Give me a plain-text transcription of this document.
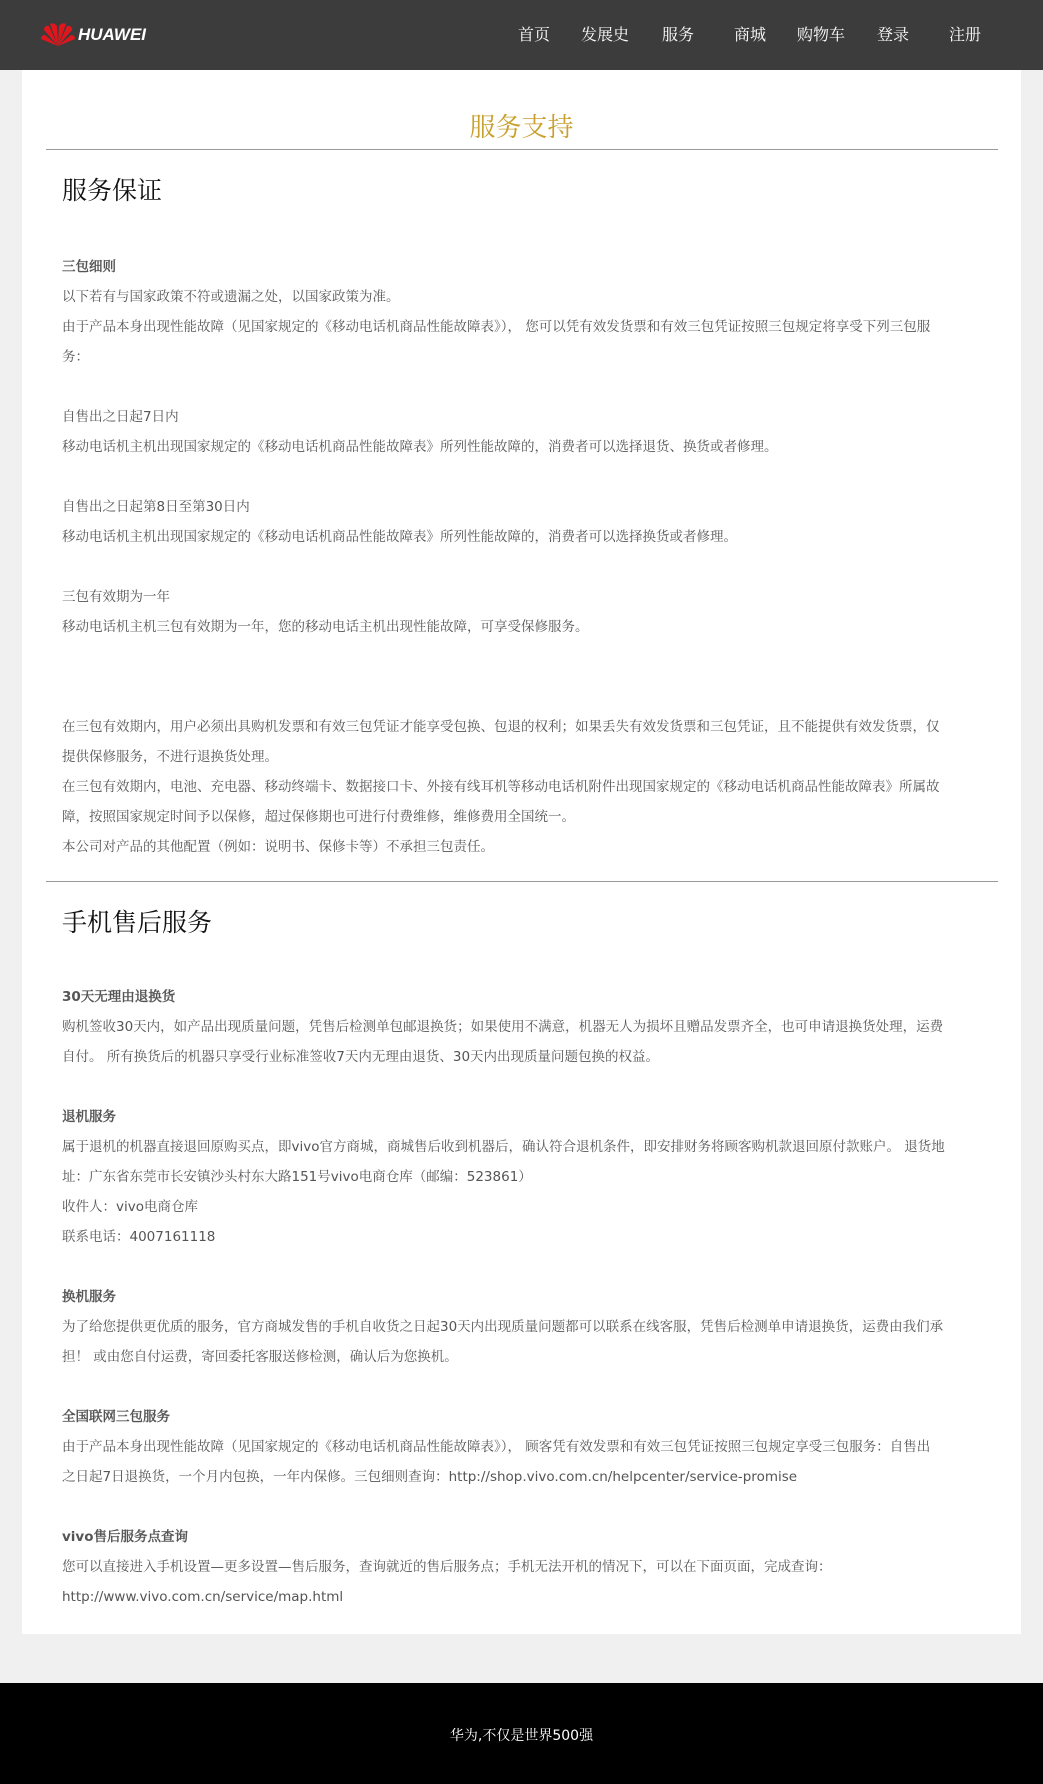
HUAWEI	首页 发展史 服务 商城 购物车 登录 注册
服务支持
服务保证
三包细则
以下若有与国家政策不符或遗漏之处，以国家政策为准。
由于产品本身出现性能故障（见国家规定的《移动电话机商品性能故障表》）， 您可以凭有效发货票和有效三包凭证按照三包规定将享受下列三包服
务：
自售出之日起7日内
移动电话机主机出现国家规定的《移动电话机商品性能故障表》所列性能故障的，消费者可以选择退货、换货或者修理。
自售出之日起第8日至第30日内
移动电话机主机出现国家规定的《移动电话机商品性能故障表》所列性能故障的，消费者可以选择换货或者修理。
三包有效期为一年
移动电话机主机三包有效期为一年，您的移动电话主机出现性能故障，可享受保修服务。
在三包有效期内，用户必须出具购机发票和有效三包凭证才能享受包换、包退的权利；如果丢失有效发货票和三包凭证，且不能提供有效发货票，仅
提供保修服务，不进行退换货处理。
在三包有效期内，电池、充电器、移动终端卡、数据接口卡、外接有线耳机等移动电话机附件出现国家规定的《移动电话机商品性能故障表》所属故
障，按照国家规定时间予以保修，超过保修期也可进行付费维修，维修费用全国统一。
本公司对产品的其他配置（例如：说明书、保修卡等）不承担三包责任。
手机售后服务
30天无理由退换货
购机签收30天内，如产品出现质量问题，凭售后检测单包邮退换货；如果使用不满意，机器无人为损坏且赠品发票齐全，也可申请退换货处理，运费
自付。 所有换货后的机器只享受行业标准签收7天内无理由退货、30天内出现质量问题包换的权益。
退机服务
属于退机的机器直接退回原购买点，即vivo官方商城，商城售后收到机器后，确认符合退机条件，即安排财务将顾客购机款退回原付款账户。 退货地
址：广东省东莞市长安镇沙头村东大路151号vivo电商仓库（邮编：523861）
收件人：vivo电商仓库
联系电话：4007161118
换机服务
为了给您提供更优质的服务，官方商城发售的手机自收货之日起30天内出现质量问题都可以联系在线客服，凭售后检测单申请退换货，运费由我们承
担！ 或由您自付运费，寄回委托客服送修检测，确认后为您换机。
全国联网三包服务
由于产品本身出现性能故障（见国家规定的《移动电话机商品性能故障表》）， 顾客凭有效发票和有效三包凭证按照三包规定享受三包服务：自售出
之日起7日退换货，一个月内包换，一年内保修。三包细则查询：http://shop.vivo.com.cn/helpcenter/service-promise
vivo售后服务点查询
您可以直接进入手机设置—更多设置—售后服务，查询就近的售后服务点；手机无法开机的情况下，可以在下面页面，完成查询：
http://www.vivo.com.cn/service/map.html
华为,不仅是世界500强
